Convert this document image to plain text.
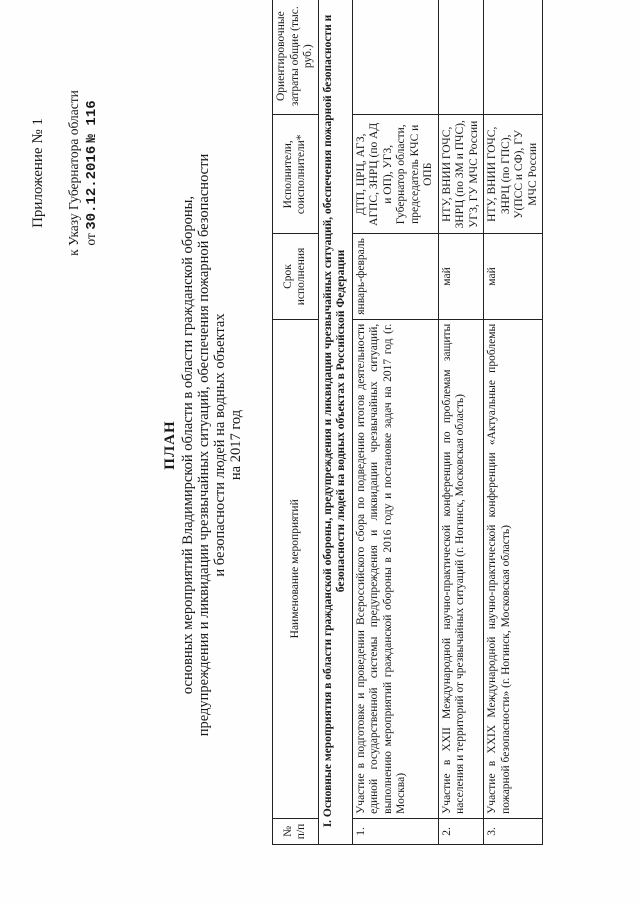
Приложение № 1 к Указу Губернатора области от 30.12.2016 № 116
ПЛАН основных мероприятий Владимирской области в области гражданской обороны, предупреждения и ликвидации чрезвычайных ситуаций, обеспечения пожарной безопасности и безопасности людей на водных объектах на 2017 год
№ п/п	Наименование мероприятий	Срок исполнения	Исполнители, соисполнители*	Ориентировочные затраты общие (тыс. руб.)
I. Основные мероприятия в области гражданской обороны, предупреждения и ликвидации чрезвычайных ситуаций, обеспечения пожарной безопасности и безопасности людей на водных объектах в Российской Федерации				
1.	Участие в подготовке и проведении Всероссийского сбора по подведению итогов деятельности единой государственной системы предупреждения и ликвидации чрезвычайных ситуаций, выполнению мероприятий гражданской обороны в 2016 году и постановке задач на 2017 год (г. Москва)	январь-февраль	ДТП, ЦРЦ, АГЗ, АГПС, ЗНРЦ (по АД и ОП), УГЗ, Губернатор области, председатель КЧС и ОПБ	
2.	Участие в XXII Международной научно-практической конференции по проблемам защиты населения и территорий от чрезвычайных ситуаций (г. Ногинск, Московская область)	май	НТУ, ВНИИ ГОЧС, ЗНРЦ (по ЗМ и ПЧС), УГЗ, ГУ МЧС России	
3.	Участие в XXIX Международной научно-практической конференции «Актуальные проблемы пожарной безопасности» (г. Ногинск, Московская область)	май	НТУ, ВНИИ ГОЧС, ЗНРЦ (по ГПС), У(ПСС и СФ), ГУ МЧС России	
